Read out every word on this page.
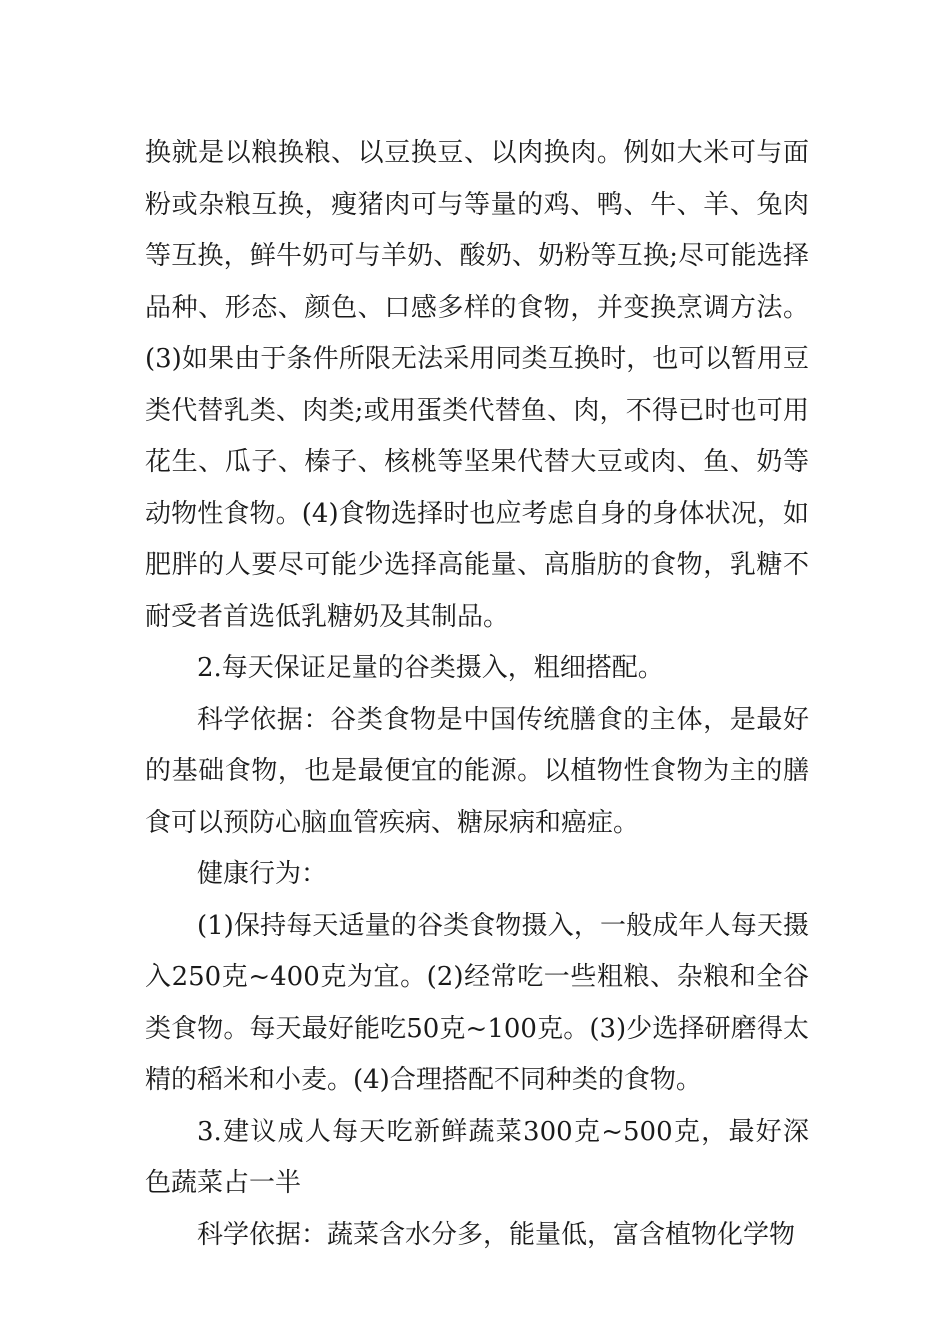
换就是以粮换粮、以豆换豆、以肉换肉。例如大米可与面粉或杂粮互换，瘦猪肉可与等量的鸡、鸭、牛、羊、兔肉等互换，鲜牛奶可与羊奶、酸奶、奶粉等互换;尽可能选择品种、形态、颜色、口感多样的食物，并变换烹调方法。(3)如果由于条件所限无法采用同类互换时，也可以暂用豆类代替乳类、肉类;或用蛋类代替鱼、肉，不得已时也可用花生、瓜子、榛子、核桃等坚果代替大豆或肉、鱼、奶等动物性食物。(4)食物选择时也应考虑自身的身体状况，如肥胖的人要尽可能少选择高能量、高脂肪的食物，乳糖不耐受者首选低乳糖奶及其制品。

2.每天保证足量的谷类摄入，粗细搭配。

科学依据：谷类食物是中国传统膳食的主体，是最好的基础食物，也是最便宜的能源。以植物性食物为主的膳食可以预防心脑血管疾病、糖尿病和癌症。

健康行为：

(1)保持每天适量的谷类食物摄入，一般成年人每天摄入250克~400克为宜。(2)经常吃一些粗粮、杂粮和全谷类食物。每天最好能吃50克~100克。(3)少选择研磨得太精的稻米和小麦。(4)合理搭配不同种类的食物。

3.建议成人每天吃新鲜蔬菜300克~500克，最好深色蔬菜占一半

科学依据：蔬菜含水分多，能量低，富含植物化学物
